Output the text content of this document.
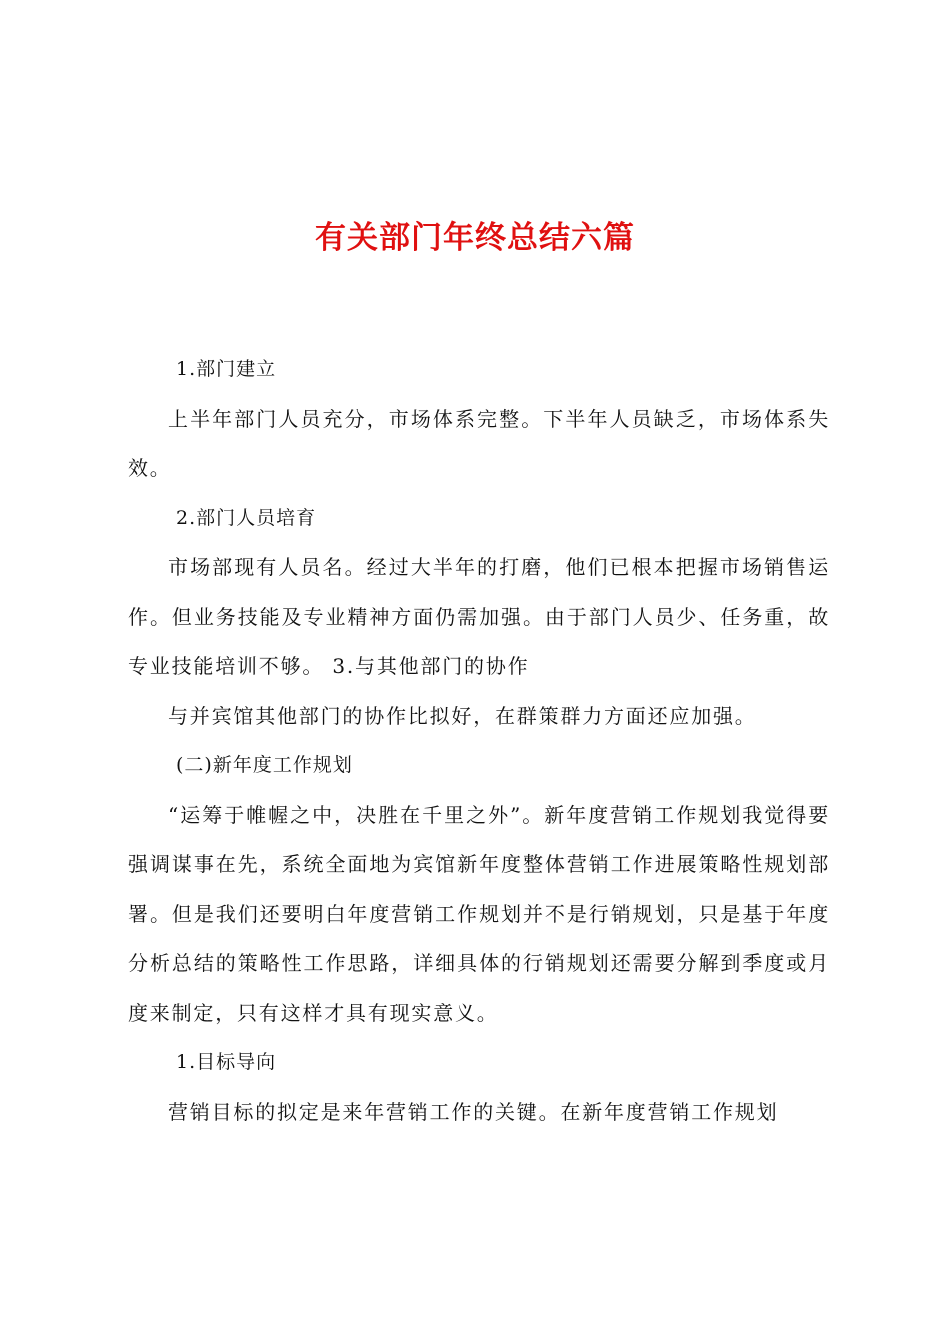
有关部门年终总结六篇
1.部门建立

上半年部门人员充分，市场体系完整。下半年人员缺乏，市场体系失效。

2.部门人员培育

市场部现有人员名。经过大半年的打磨，他们已根本把握市场销售运作。但业务技能及专业精神方面仍需加强。由于部门人员少、任务重，故专业技能培训不够。 3.与其他部门的协作

与并宾馆其他部门的协作比拟好，在群策群力方面还应加强。

(二)新年度工作规划

“运筹于帷幄之中，决胜在千里之外”。新年度营销工作规划我觉得要强调谋事在先，系统全面地为宾馆新年度整体营销工作进展策略性规划部署。但是我们还要明白年度营销工作规划并不是行销规划，只是基于年度分析总结的策略性工作思路，详细具体的行销规划还需要分解到季度或月度来制定，只有这样才具有现实意义。

1.目标导向

营销目标的拟定是来年营销工作的关键。在新年度营销工作规划
